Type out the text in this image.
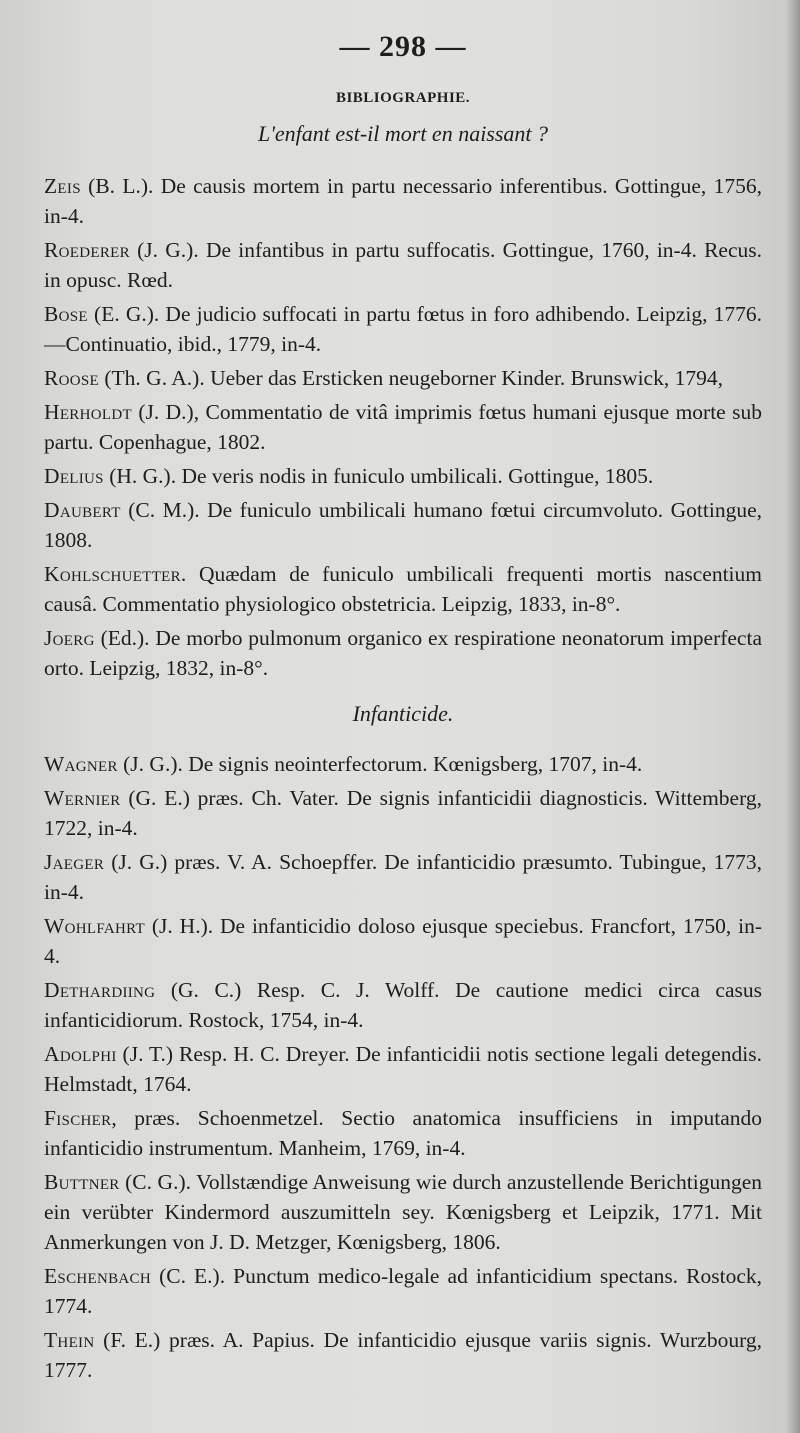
— 298 —
BIBLIOGRAPHIE.
L'enfant est-il mort en naissant ?

Zeis (B. L.). De causis mortem in partu necessario inferentibus. Gottingue, 1756, in-4.

Roederer (J. G.). De infantibus in partu suffocatis. Gottingue, 1760, in-4. Recus. in opusc. Rœd.

Bose (E. G.). De judicio suffocati in partu fœtus in foro adhibendo. Leipzig, 1776. —Continuatio, ibid., 1779, in-4.

Roose (Th. G. A.). Ueber das Ersticken neugeborner Kinder. Brunswick, 1794,

Herholdt (J. D.), Commentatio de vitâ imprimis fœtus humani ejusque morte sub partu. Copenhague, 1802.

Delius (H. G.). De veris nodis in funiculo umbilicali. Gottingue, 1805.

Daubert (C. M.). De funiculo umbilicali humano fœtui circumvoluto. Gottingue, 1808.

Kohlschuetter. Quædam de funiculo umbilicali frequenti mortis nascentium causâ. Commentatio physiologico obstetricia. Leipzig, 1833, in-8°.

Joerg (Ed.). De morbo pulmonum organico ex respiratione neonatorum imperfecta orto. Leipzig, 1832, in-8°.

Infanticide.

Wagner (J. G.). De signis neointerfectorum. Kœnigsberg, 1707, in-4.

Wernier (G. E.) præs. Ch. Vater. De signis infanticidii diagnosticis. Wittemberg, 1722, in-4.

Jaeger (J. G.) præs. V. A. Schoepffer. De infanticidio præsumto. Tubingue, 1773, in-4.

Wohlfahrt (J. H.). De infanticidio doloso ejusque speciebus. Francfort, 1750, in-4.

Dethardiing (G. C.) Resp. C. J. Wolff. De cautione medici circa casus infanticidiorum. Rostock, 1754, in-4.

Adolphi (J. T.) Resp. H. C. Dreyer. De infanticidii notis sectione legali detegendis. Helmstadt, 1764.

Fischer, præs. Schoenmetzel. Sectio anatomica insufficiens in imputando infanticidio instrumentum. Manheim, 1769, in-4.

Buttner (C. G.). Vollstændige Anweisung wie durch anzustellende Berichtigungen ein verübter Kindermord auszumitteln sey. Kœnigsberg et Leipzik, 1771. Mit Anmerkungen von J. D. Metzger, Kœnigsberg, 1806.

Eschenbach (C. E.). Punctum medico-legale ad infanticidium spectans. Rostock, 1774.

Thein (F. E.) præs. A. Papius. De infanticidio ejusque variis signis. Wurzbourg, 1777.
